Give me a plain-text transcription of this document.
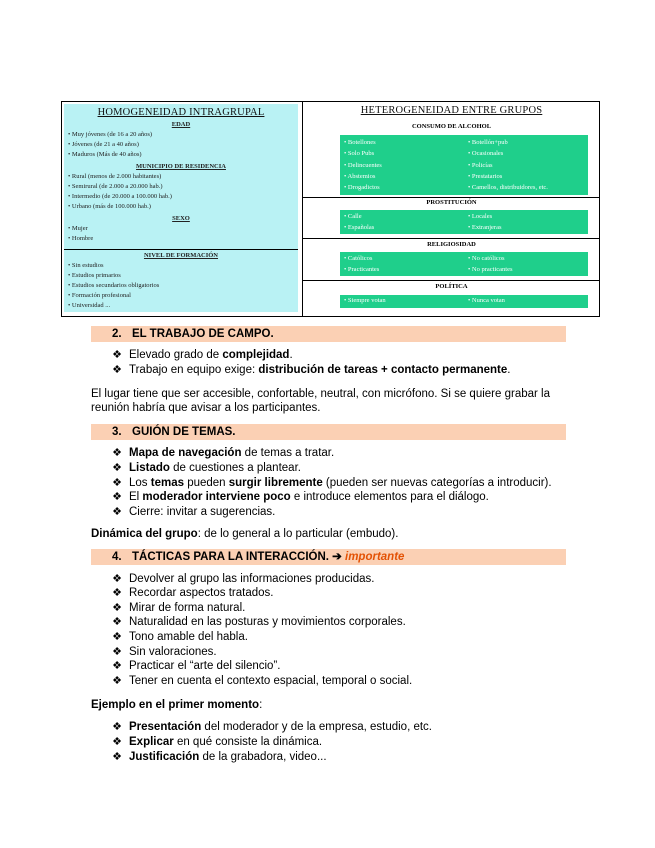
HOMOGENEIDAD INTRAGRUPAL
EDAD
• Muy jóvenes (de 16 a 20 años)
• Jóvenes (de 21 a 40 años)
• Maduros (Más de 40 años)
MUNICIPIO DE RESIDENCIA
• Rural (menos de 2.000 habitantes)
• Semirural (de 2.000 a 20.000 hab.)
• Intermedio (de 20.000 a 100.000 hab.)
• Urbano (más de 100.000 hab.)
SEXO
• Mujer
• Hombre
NIVEL DE FORMACIÓN
• Sin estudios
• Estudios primarios
• Estudios secundarios obligatorios
• Formación profesional
• Universidad ...
HETEROGENEIDAD ENTRE GRUPOS
CONSUMO DE ALCOHOL
• Botellones
• Solo Pubs
• Delincuentes
• Abstemios
• Drogadictos
• Botellón+pub
• Ocasionales
• Policías
• Prestatarios
• Camellos, distribuidores, etc.
PROSTITUCIÓN
• Calle
• Españolas
• Locales
• Extranjeras
RELIGIOSIDAD
• Católicos
• Practicantes
• No católicos
• No practicantes
POLÍTICA
• Siempre votan
•	Nunca votan
2. EL TRABAJO DE CAMPO.
❖ Elevado grado de complejidad.
❖ Trabajo en equipo exige: distribución de tareas + contacto permanente.
El lugar tiene que ser accesible, confortable, neutral, con micrófono. Si se quiere grabar la reunión habría que avisar a los participantes.
3. GUIÓN DE TEMAS.
❖ Mapa de navegación de temas a tratar.
❖ Listado de cuestiones a plantear.
❖ Los temas pueden surgir libremente (pueden ser nuevas categorías a introducir).
❖ El moderador interviene poco e introduce elementos para el diálogo.
❖ Cierre: invitar a sugerencias.
Dinámica del grupo: de lo general a lo particular (embudo).
4. TÁCTICAS PARA LA INTERACCIÓN. ➔ importante
❖ Devolver al grupo las informaciones producidas.
❖ Recordar aspectos tratados.
❖ Mirar de forma natural.
❖ Naturalidad en las posturas y movimientos corporales.
❖ Tono amable del habla.
❖ Sin valoraciones.
❖ Practicar el “arte del silencio”.
❖ Tener en cuenta el contexto espacial, temporal o social.
Ejemplo en el primer momento:
❖ Presentación del moderador y de la empresa, estudio, etc.
❖ Explicar en qué consiste la dinámica.
❖ Justificación de la grabadora, video...
